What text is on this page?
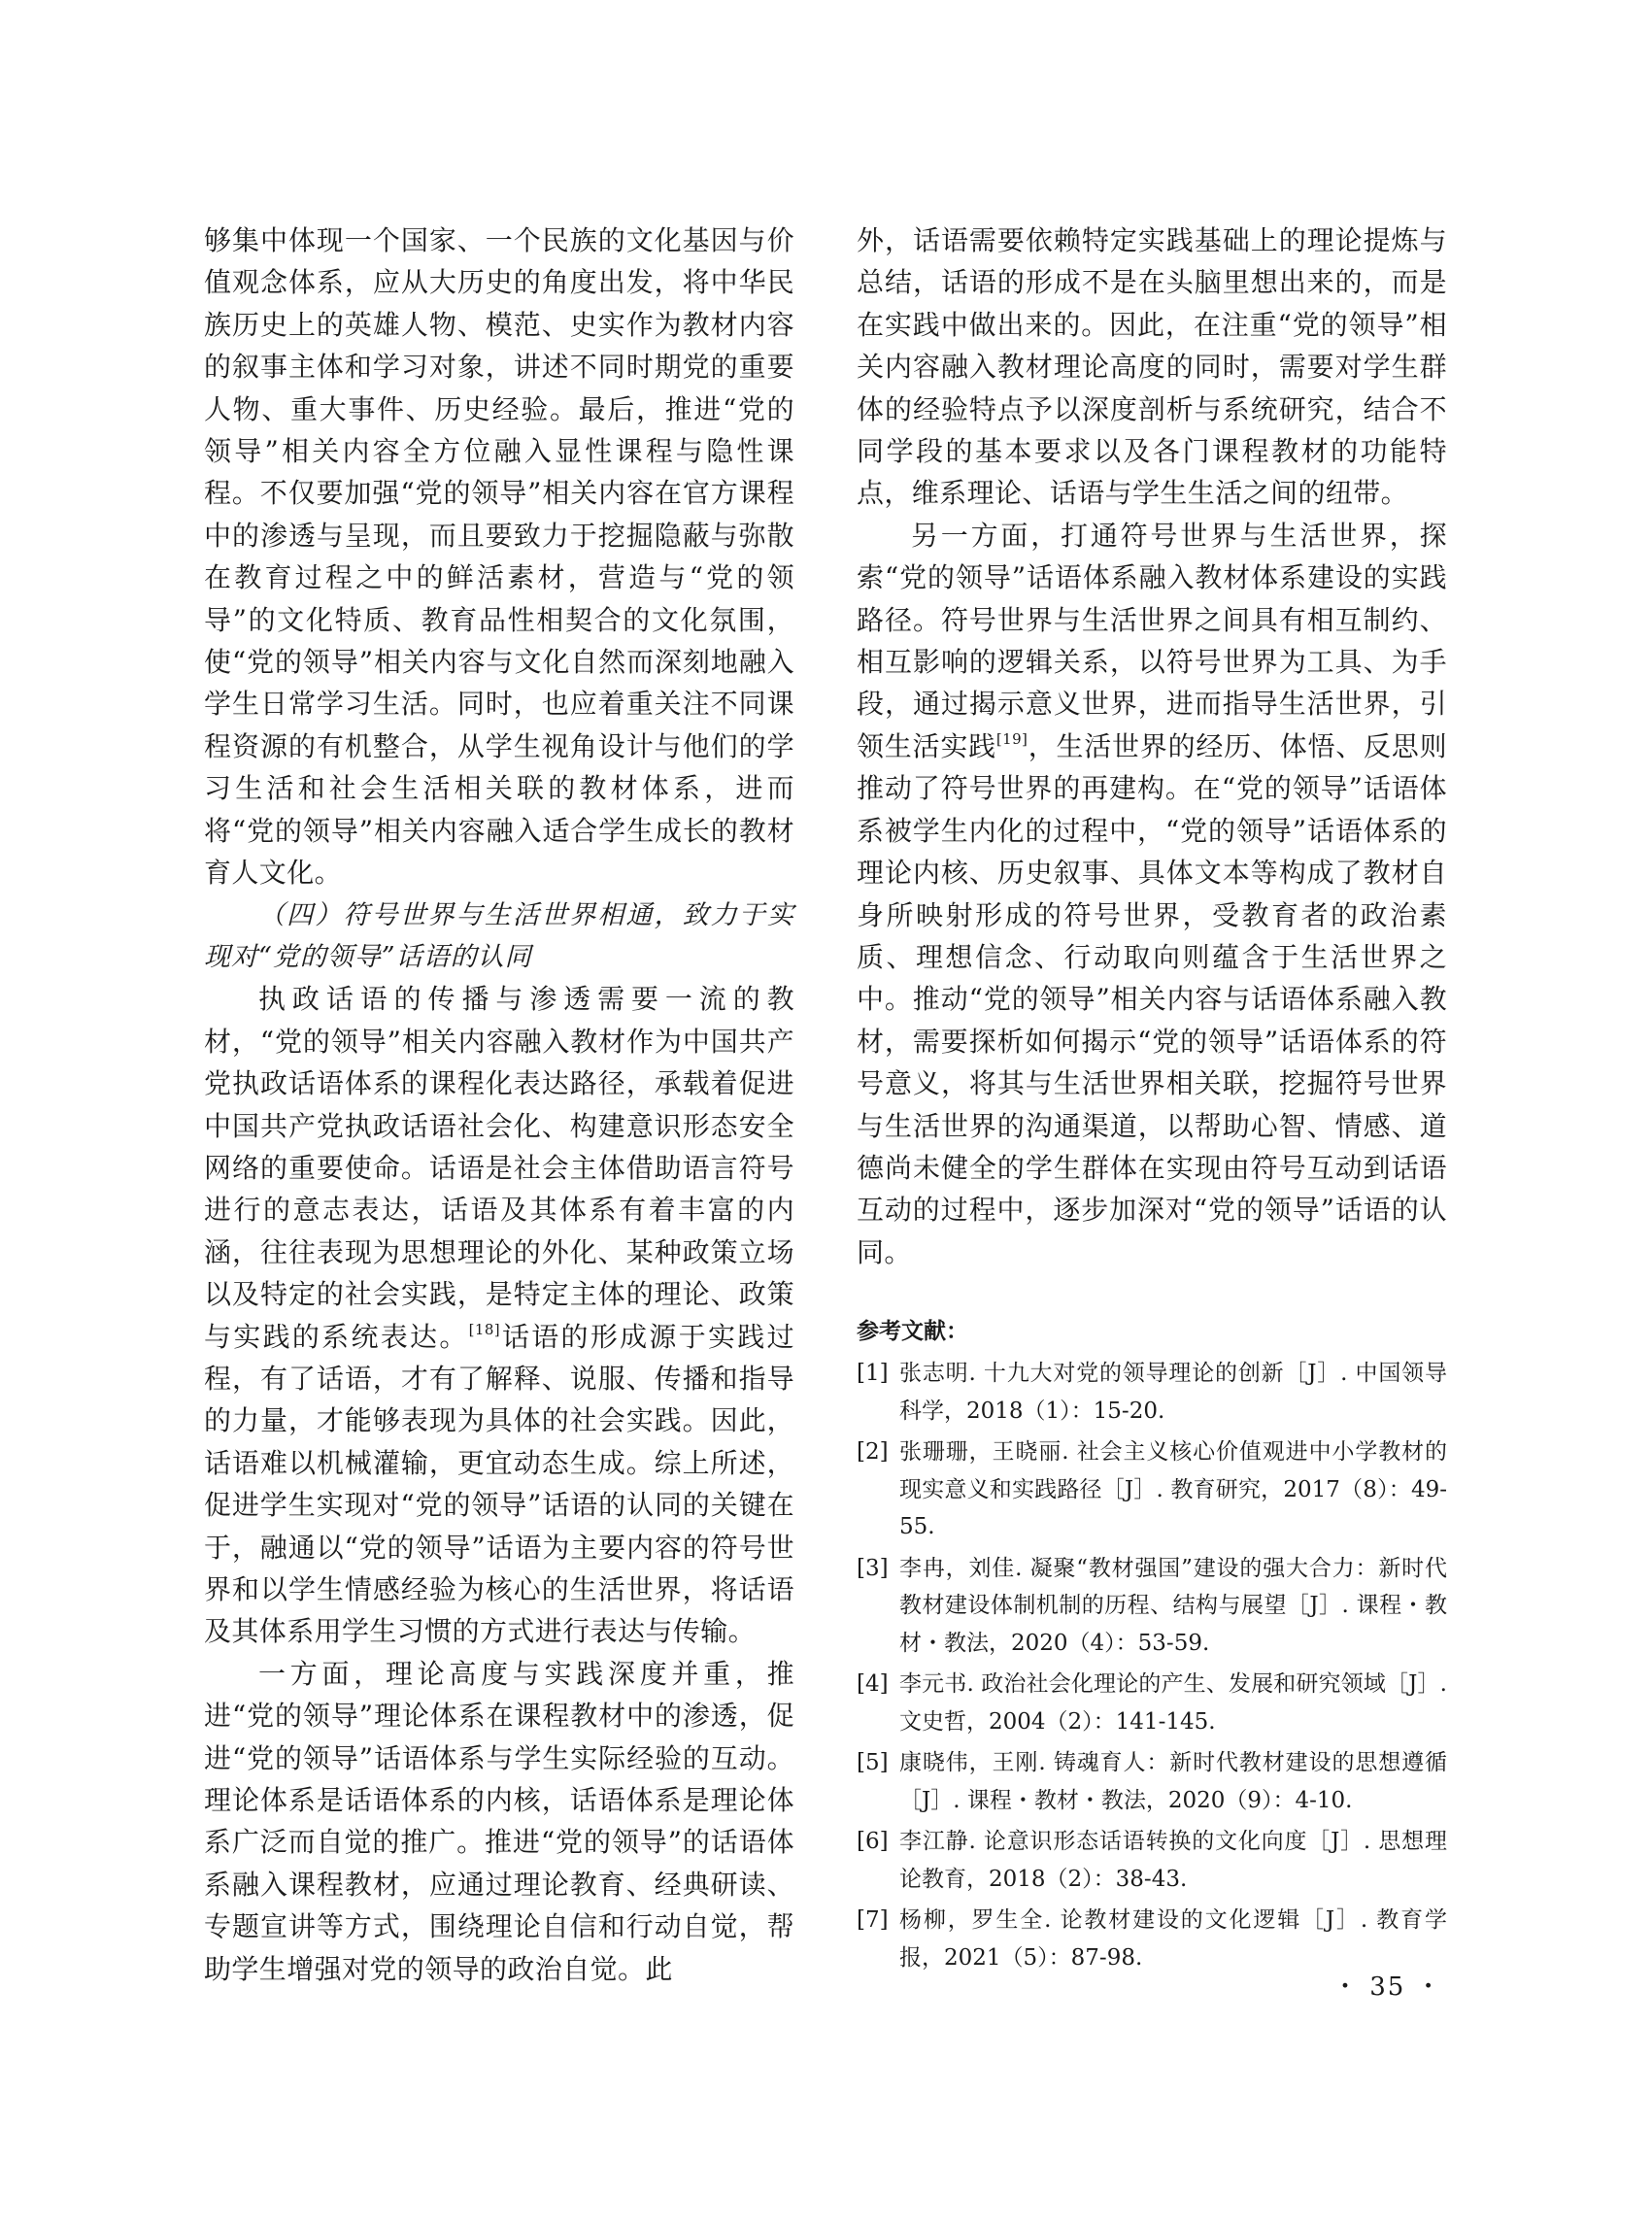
够集中体现一个国家、一个民族的文化基因与价值观念体系，应从大历史的角度出发，将中华民族历史上的英雄人物、模范、史实作为教材内容的叙事主体和学习对象，讲述不同时期党的重要人物、重大事件、历史经验。最后，推进“党的领导”相关内容全方位融入显性课程与隐性课程。不仅要加强“党的领导”相关内容在官方课程中的渗透与呈现，而且要致力于挖掘隐蔽与弥散在教育过程之中的鲜活素材，营造与“党的领导”的文化特质、教育品性相契合的文化氛围，使“党的领导”相关内容与文化自然而深刻地融入学生日常学习生活。同时，也应着重关注不同课程资源的有机整合，从学生视角设计与他们的学习生活和社会生活相关联的教材体系，进而将“党的领导”相关内容融入适合学生成长的教材育人文化。

（四）符号世界与生活世界相通，致力于实现对“党的领导”话语的认同

执政话语的传播与渗透需要一流的教材，“党的领导”相关内容融入教材作为中国共产党执政话语体系的课程化表达路径，承载着促进中国共产党执政话语社会化、构建意识形态安全网络的重要使命。话语是社会主体借助语言符号进行的意志表达，话语及其体系有着丰富的内涵，往往表现为思想理论的外化、某种政策立场以及特定的社会实践，是特定主体的理论、政策与实践的系统表达。[18]话语的形成源于实践过程，有了话语，才有了解释、说服、传播和指导的力量，才能够表现为具体的社会实践。因此，话语难以机械灌输，更宜动态生成。综上所述，促进学生实现对“党的领导”话语的认同的关键在于，融通以“党的领导”话语为主要内容的符号世界和以学生情感经验为核心的生活世界，将话语及其体系用学生习惯的方式进行表达与传输。

一方面，理论高度与实践深度并重，推进“党的领导”理论体系在课程教材中的渗透，促进“党的领导”话语体系与学生实际经验的互动。理论体系是话语体系的内核，话语体系是理论体系广泛而自觉的推广。推进“党的领导”的话语体系融入课程教材，应通过理论教育、经典研读、专题宣讲等方式，围绕理论自信和行动自觉，帮助学生增强对党的领导的政治自觉。此

外，话语需要依赖特定实践基础上的理论提炼与总结，话语的形成不是在头脑里想出来的，而是在实践中做出来的。因此，在注重“党的领导”相关内容融入教材理论高度的同时，需要对学生群体的经验特点予以深度剖析与系统研究，结合不同学段的基本要求以及各门课程教材的功能特点，维系理论、话语与学生生活之间的纽带。

另一方面，打通符号世界与生活世界，探索“党的领导”话语体系融入教材体系建设的实践路径。符号世界与生活世界之间具有相互制约、相互影响的逻辑关系，以符号世界为工具、为手段，通过揭示意义世界，进而指导生活世界，引领生活实践[19]，生活世界的经历、体悟、反思则推动了符号世界的再建构。在“党的领导”话语体系被学生内化的过程中，“党的领导”话语体系的理论内核、历史叙事、具体文本等构成了教材自身所映射形成的符号世界，受教育者的政治素质、理想信念、行动取向则蕴含于生活世界之中。推动“党的领导”相关内容与话语体系融入教材，需要探析如何揭示“党的领导”话语体系的符号意义，将其与生活世界相关联，挖掘符号世界与生活世界的沟通渠道，以帮助心智、情感、道德尚未健全的学生群体在实现由符号互动到话语互动的过程中，逐步加深对“党的领导”话语的认同。

参考文献：
[1] 张志明. 十九大对党的领导理论的创新［J］. 中国领导科学，2018（1）：15-20.
[2] 张珊珊，王晓丽. 社会主义核心价值观进中小学教材的现实意义和实践路径［J］. 教育研究，2017（8）：49-55.
[3] 李冉，刘佳. 凝聚“教材强国”建设的强大合力：新时代教材建设体制机制的历程、结构与展望［J］. 课程・教材・教法，2020（4）：53-59.
[4] 李元书. 政治社会化理论的产生、发展和研究领域［J］. 文史哲，2004（2）：141-145.
[5] 康晓伟，王刚. 铸魂育人：新时代教材建设的思想遵循［J］. 课程・教材・教法，2020（9）：4-10.
[6] 李江静. 论意识形态话语转换的文化向度［J］. 思想理论教育，2018（2）：38-43.
[7] 杨柳，罗生全. 论教材建设的文化逻辑［J］. 教育学报，2021（5）：87-98.
・ 35 ・
